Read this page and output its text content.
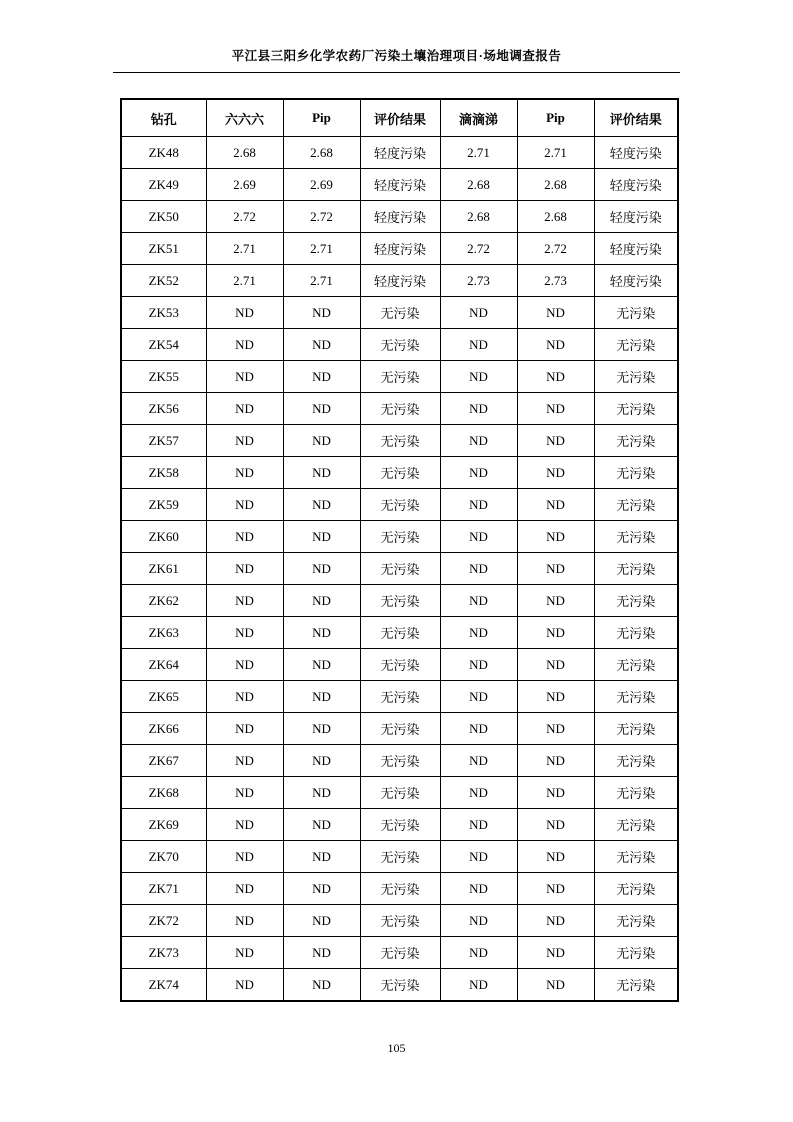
平江县三阳乡化学农药厂污染土壤治理项目·场地调查报告
钻孔	六六六	Pip	评价结果	滴滴涕	Pip	评价结果
ZK48	2.68	2.68	轻度污染	2.71	2.71	轻度污染
ZK49	2.69	2.69	轻度污染	2.68	2.68	轻度污染
ZK50	2.72	2.72	轻度污染	2.68	2.68	轻度污染
ZK51	2.71	2.71	轻度污染	2.72	2.72	轻度污染
ZK52	2.71	2.71	轻度污染	2.73	2.73	轻度污染
ZK53	ND	ND	无污染	ND	ND	无污染
ZK54	ND	ND	无污染	ND	ND	无污染
ZK55	ND	ND	无污染	ND	ND	无污染
ZK56	ND	ND	无污染	ND	ND	无污染
ZK57	ND	ND	无污染	ND	ND	无污染
ZK58	ND	ND	无污染	ND	ND	无污染
ZK59	ND	ND	无污染	ND	ND	无污染
ZK60	ND	ND	无污染	ND	ND	无污染
ZK61	ND	ND	无污染	ND	ND	无污染
ZK62	ND	ND	无污染	ND	ND	无污染
ZK63	ND	ND	无污染	ND	ND	无污染
ZK64	ND	ND	无污染	ND	ND	无污染
ZK65	ND	ND	无污染	ND	ND	无污染
ZK66	ND	ND	无污染	ND	ND	无污染
ZK67	ND	ND	无污染	ND	ND	无污染
ZK68	ND	ND	无污染	ND	ND	无污染
ZK69	ND	ND	无污染	ND	ND	无污染
ZK70	ND	ND	无污染	ND	ND	无污染
ZK71	ND	ND	无污染	ND	ND	无污染
ZK72	ND	ND	无污染	ND	ND	无污染
ZK73	ND	ND	无污染	ND	ND	无污染
ZK74	ND	ND	无污染	ND	ND	无污染
105
